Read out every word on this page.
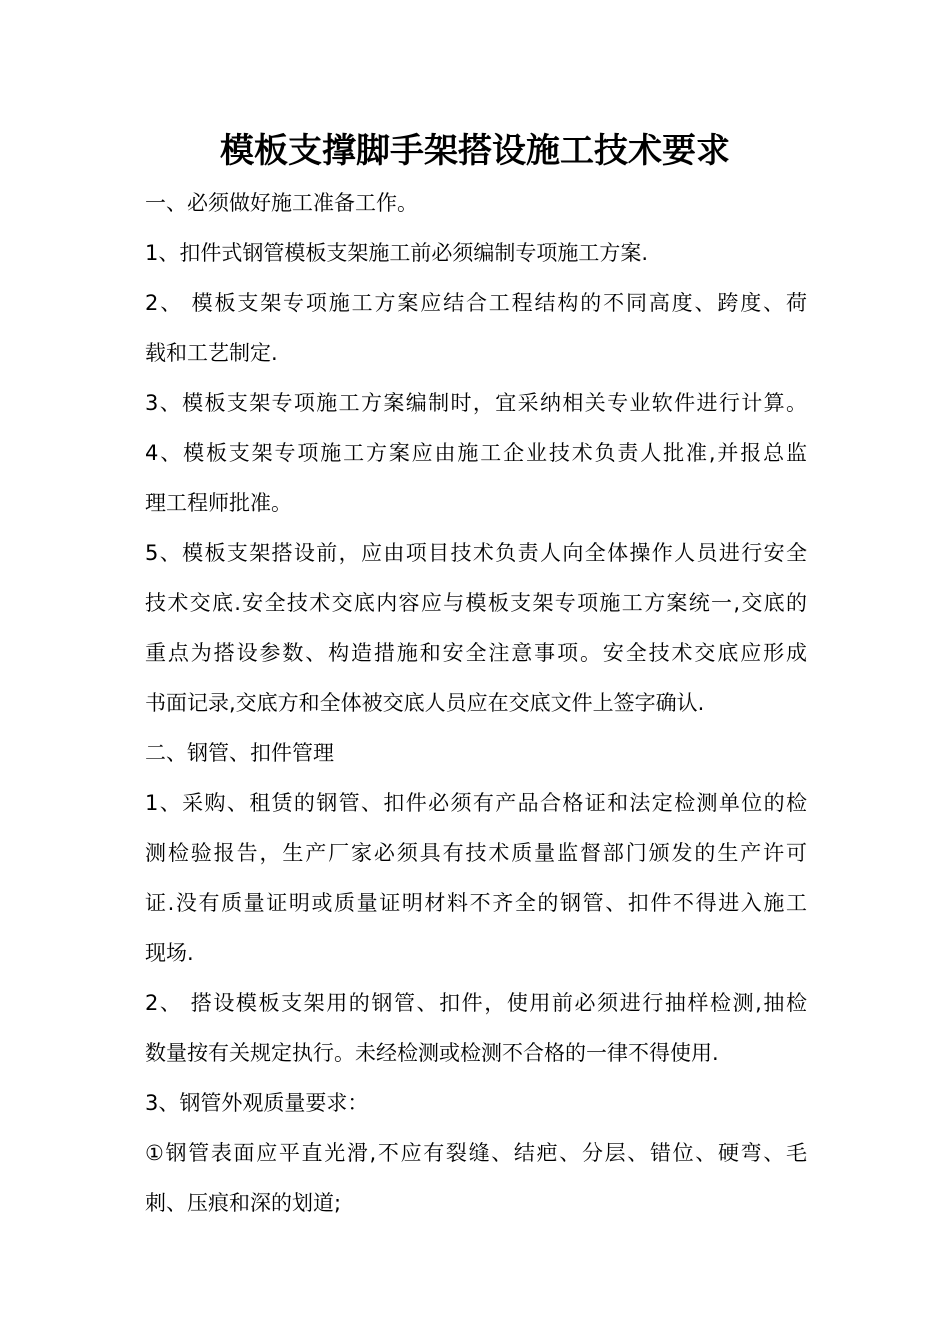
模板支撑脚手架搭设施工技术要求
一、必须做好施工准备工作。
1、扣件式钢管模板支架施工前必须编制专项施工方案.
2、 模板支架专项施工方案应结合工程结构的不同高度、跨度、荷
载和工艺制定.
3、模板支架专项施工方案编制时，宜采纳相关专业软件进行计算。
4、模板支架专项施工方案应由施工企业技术负责人批准,并报总监
理工程师批准。
5、模板支架搭设前，应由项目技术负责人向全体操作人员进行安全
技术交底.安全技术交底内容应与模板支架专项施工方案统一,交底的
重点为搭设参数、构造措施和安全注意事项。安全技术交底应形成
书面记录,交底方和全体被交底人员应在交底文件上签字确认.
二、钢管、扣件管理
1、采购、租赁的钢管、扣件必须有产品合格证和法定检测单位的检
测检验报告，生产厂家必须具有技术质量监督部门颁发的生产许可
证.没有质量证明或质量证明材料不齐全的钢管、扣件不得进入施工
现场.
2、 搭设模板支架用的钢管、扣件，使用前必须进行抽样检测,抽检
数量按有关规定执行。未经检测或检测不合格的一律不得使用.
3、钢管外观质量要求：
①钢管表面应平直光滑,不应有裂缝、结疤、分层、错位、硬弯、毛
刺、压痕和深的划道;
